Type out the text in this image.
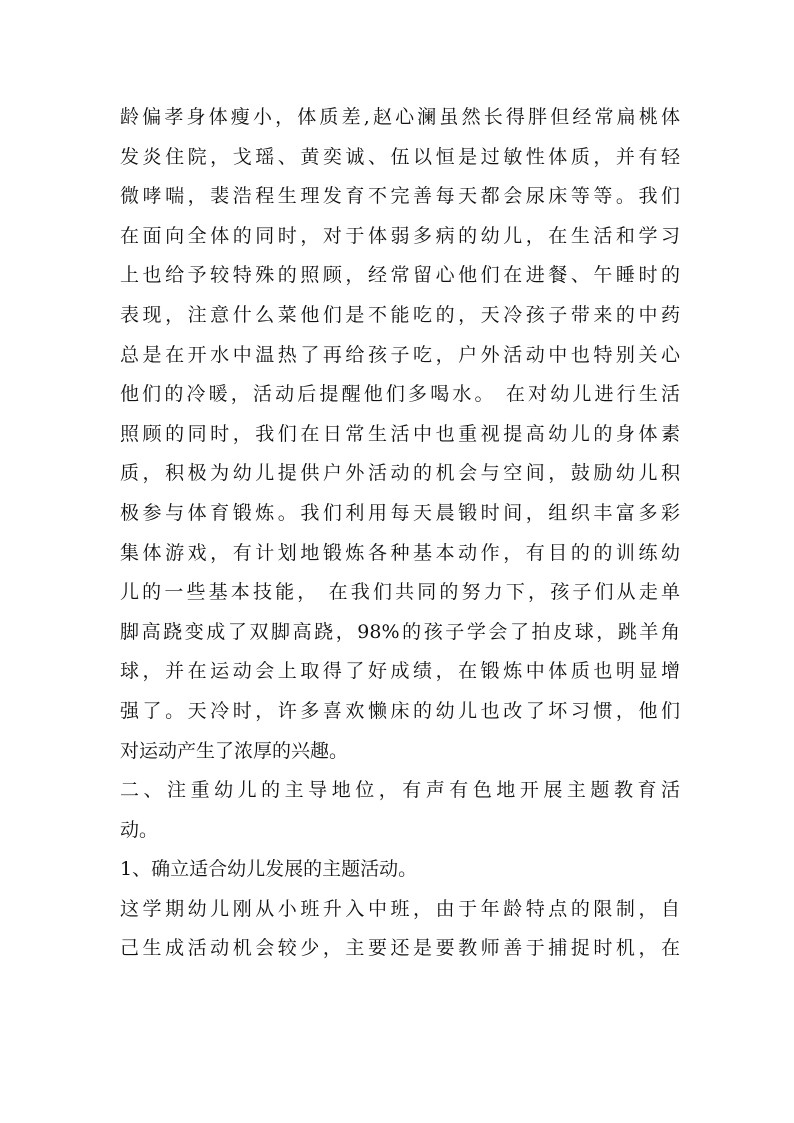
龄偏孝身体瘦小，体质差,赵心澜虽然长得胖但经常扁桃体
发炎住院，戈瑶、黄奕诚、伍以恒是过敏性体质，并有轻
微哮喘，裴浩程生理发育不完善每天都会尿床等等。我们
在面向全体的同时，对于体弱多病的幼儿，在生活和学习
上也给予较特殊的照顾，经常留心他们在进餐、午睡时的
表现，注意什么菜他们是不能吃的，天冷孩子带来的中药
总是在开水中温热了再给孩子吃，户外活动中也特别关心
他们的冷暖，活动后提醒他们多喝水。 在对幼儿进行生活
照顾的同时，我们在日常生活中也重视提高幼儿的身体素
质，积极为幼儿提供户外活动的机会与空间，鼓励幼儿积
极参与体育锻炼。我们利用每天晨锻时间，组织丰富多彩
集体游戏，有计划地锻炼各种基本动作，有目的的训练幼
儿的一些基本技能， 在我们共同的努力下，孩子们从走单
脚高跷变成了双脚高跷，98%的孩子学会了拍皮球，跳羊角
球，并在运动会上取得了好成绩，在锻炼中体质也明显增
强了。天冷时，许多喜欢懒床的幼儿也改了坏习惯，他们
对运动产生了浓厚的兴趣。
二、注重幼儿的主导地位，有声有色地开展主题教育活
动。
1、确立适合幼儿发展的主题活动。
这学期幼儿刚从小班升入中班，由于年龄特点的限制，自
己生成活动机会较少，主要还是要教师善于捕捉时机，在
